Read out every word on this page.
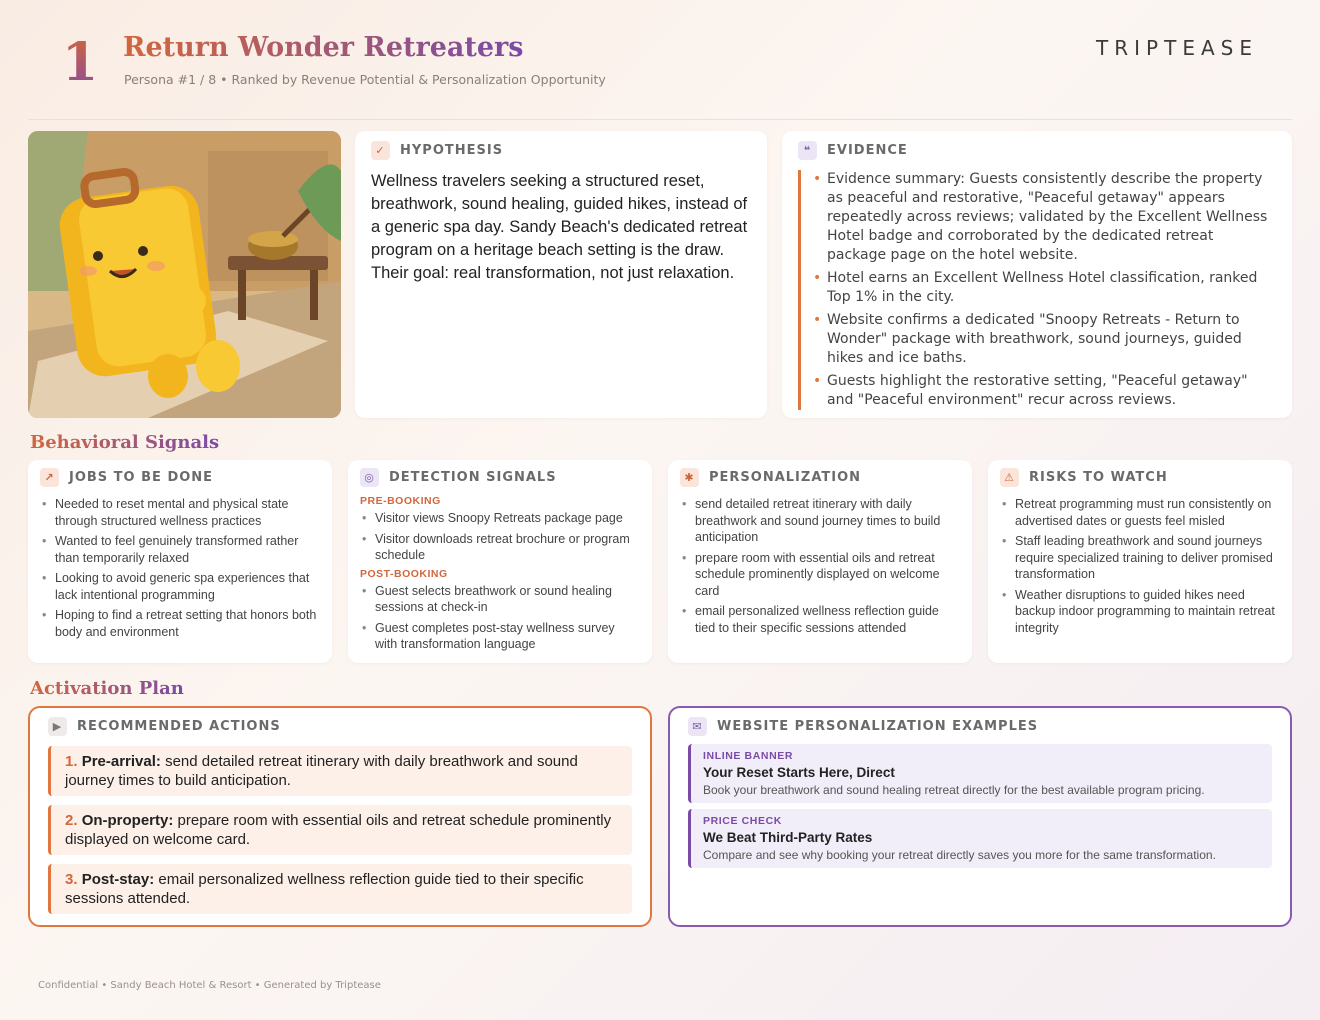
1 Return Wonder Retreaters
Persona #1 / 8 • Ranked by Revenue Potential & Personalization Opportunity
TRIPTEASE
✓	HYPOTHESIS
Wellness travelers seeking a structured reset, breathwork, sound healing, guided hikes, instead of a generic spa day. Sandy Beach's dedicated retreat program on a heritage beach setting is the draw. Their goal: real transformation, not just relaxation.
❝	EVIDENCE
• Evidence summary: Guests consistently describe the property as peaceful and restorative, "Peaceful getaway" appears repeatedly across reviews; validated by the Excellent Wellness Hotel badge and corroborated by the dedicated retreat package page on the hotel website.
• Hotel earns an Excellent Wellness Hotel classification, ranked Top 1% in the city.
• Website confirms a dedicated "Snoopy Retreats - Return to Wonder" package with breathwork, sound journeys, guided hikes and ice baths.
• Guests highlight the restorative setting, "Peaceful getaway" and "Peaceful environment" recur across reviews.
Behavioral Signals
↗	JOBS TO BE DONE
• Needed to reset mental and physical state through structured wellness practices
• Wanted to feel genuinely transformed rather than temporarily relaxed
• Looking to avoid generic spa experiences that lack intentional programming
• Hoping to find a retreat setting that honors both body and environment
◎	DETECTION SIGNALS
PRE-BOOKING
• Visitor views Snoopy Retreats package page
• Visitor downloads retreat brochure or program schedule
POST-BOOKING
• Guest selects breathwork or sound healing sessions at check-in
• Guest completes post-stay wellness survey with transformation language
✱	PERSONALIZATION
• send detailed retreat itinerary with daily breathwork and sound journey times to build anticipation
• prepare room with essential oils and retreat schedule prominently displayed on welcome card
• email personalized wellness reflection guide tied to their specific sessions attended
⚠	RISKS TO WATCH
• Retreat programming must run consistently on advertised dates or guests feel misled
• Staff leading breathwork and sound journeys require specialized training to deliver promised transformation
• Weather disruptions to guided hikes need backup indoor programming to maintain retreat integrity
Activation Plan
▶	RECOMMENDED ACTIONS
1. Pre-arrival: send detailed retreat itinerary with daily breathwork and sound journey times to build anticipation.
2. On-property: prepare room with essential oils and retreat schedule prominently displayed on welcome card.
3. Post-stay: email personalized wellness reflection guide tied to their specific sessions attended.
✉	WEBSITE PERSONALIZATION EXAMPLES
INLINE BANNER
Your Reset Starts Here, Direct
Book your breathwork and sound healing retreat directly for the best available program pricing.
PRICE CHECK
We Beat Third-Party Rates
Compare and see why booking your retreat directly saves you more for the same transformation.
Confidential • Sandy Beach Hotel & Resort • Generated by Triptease
